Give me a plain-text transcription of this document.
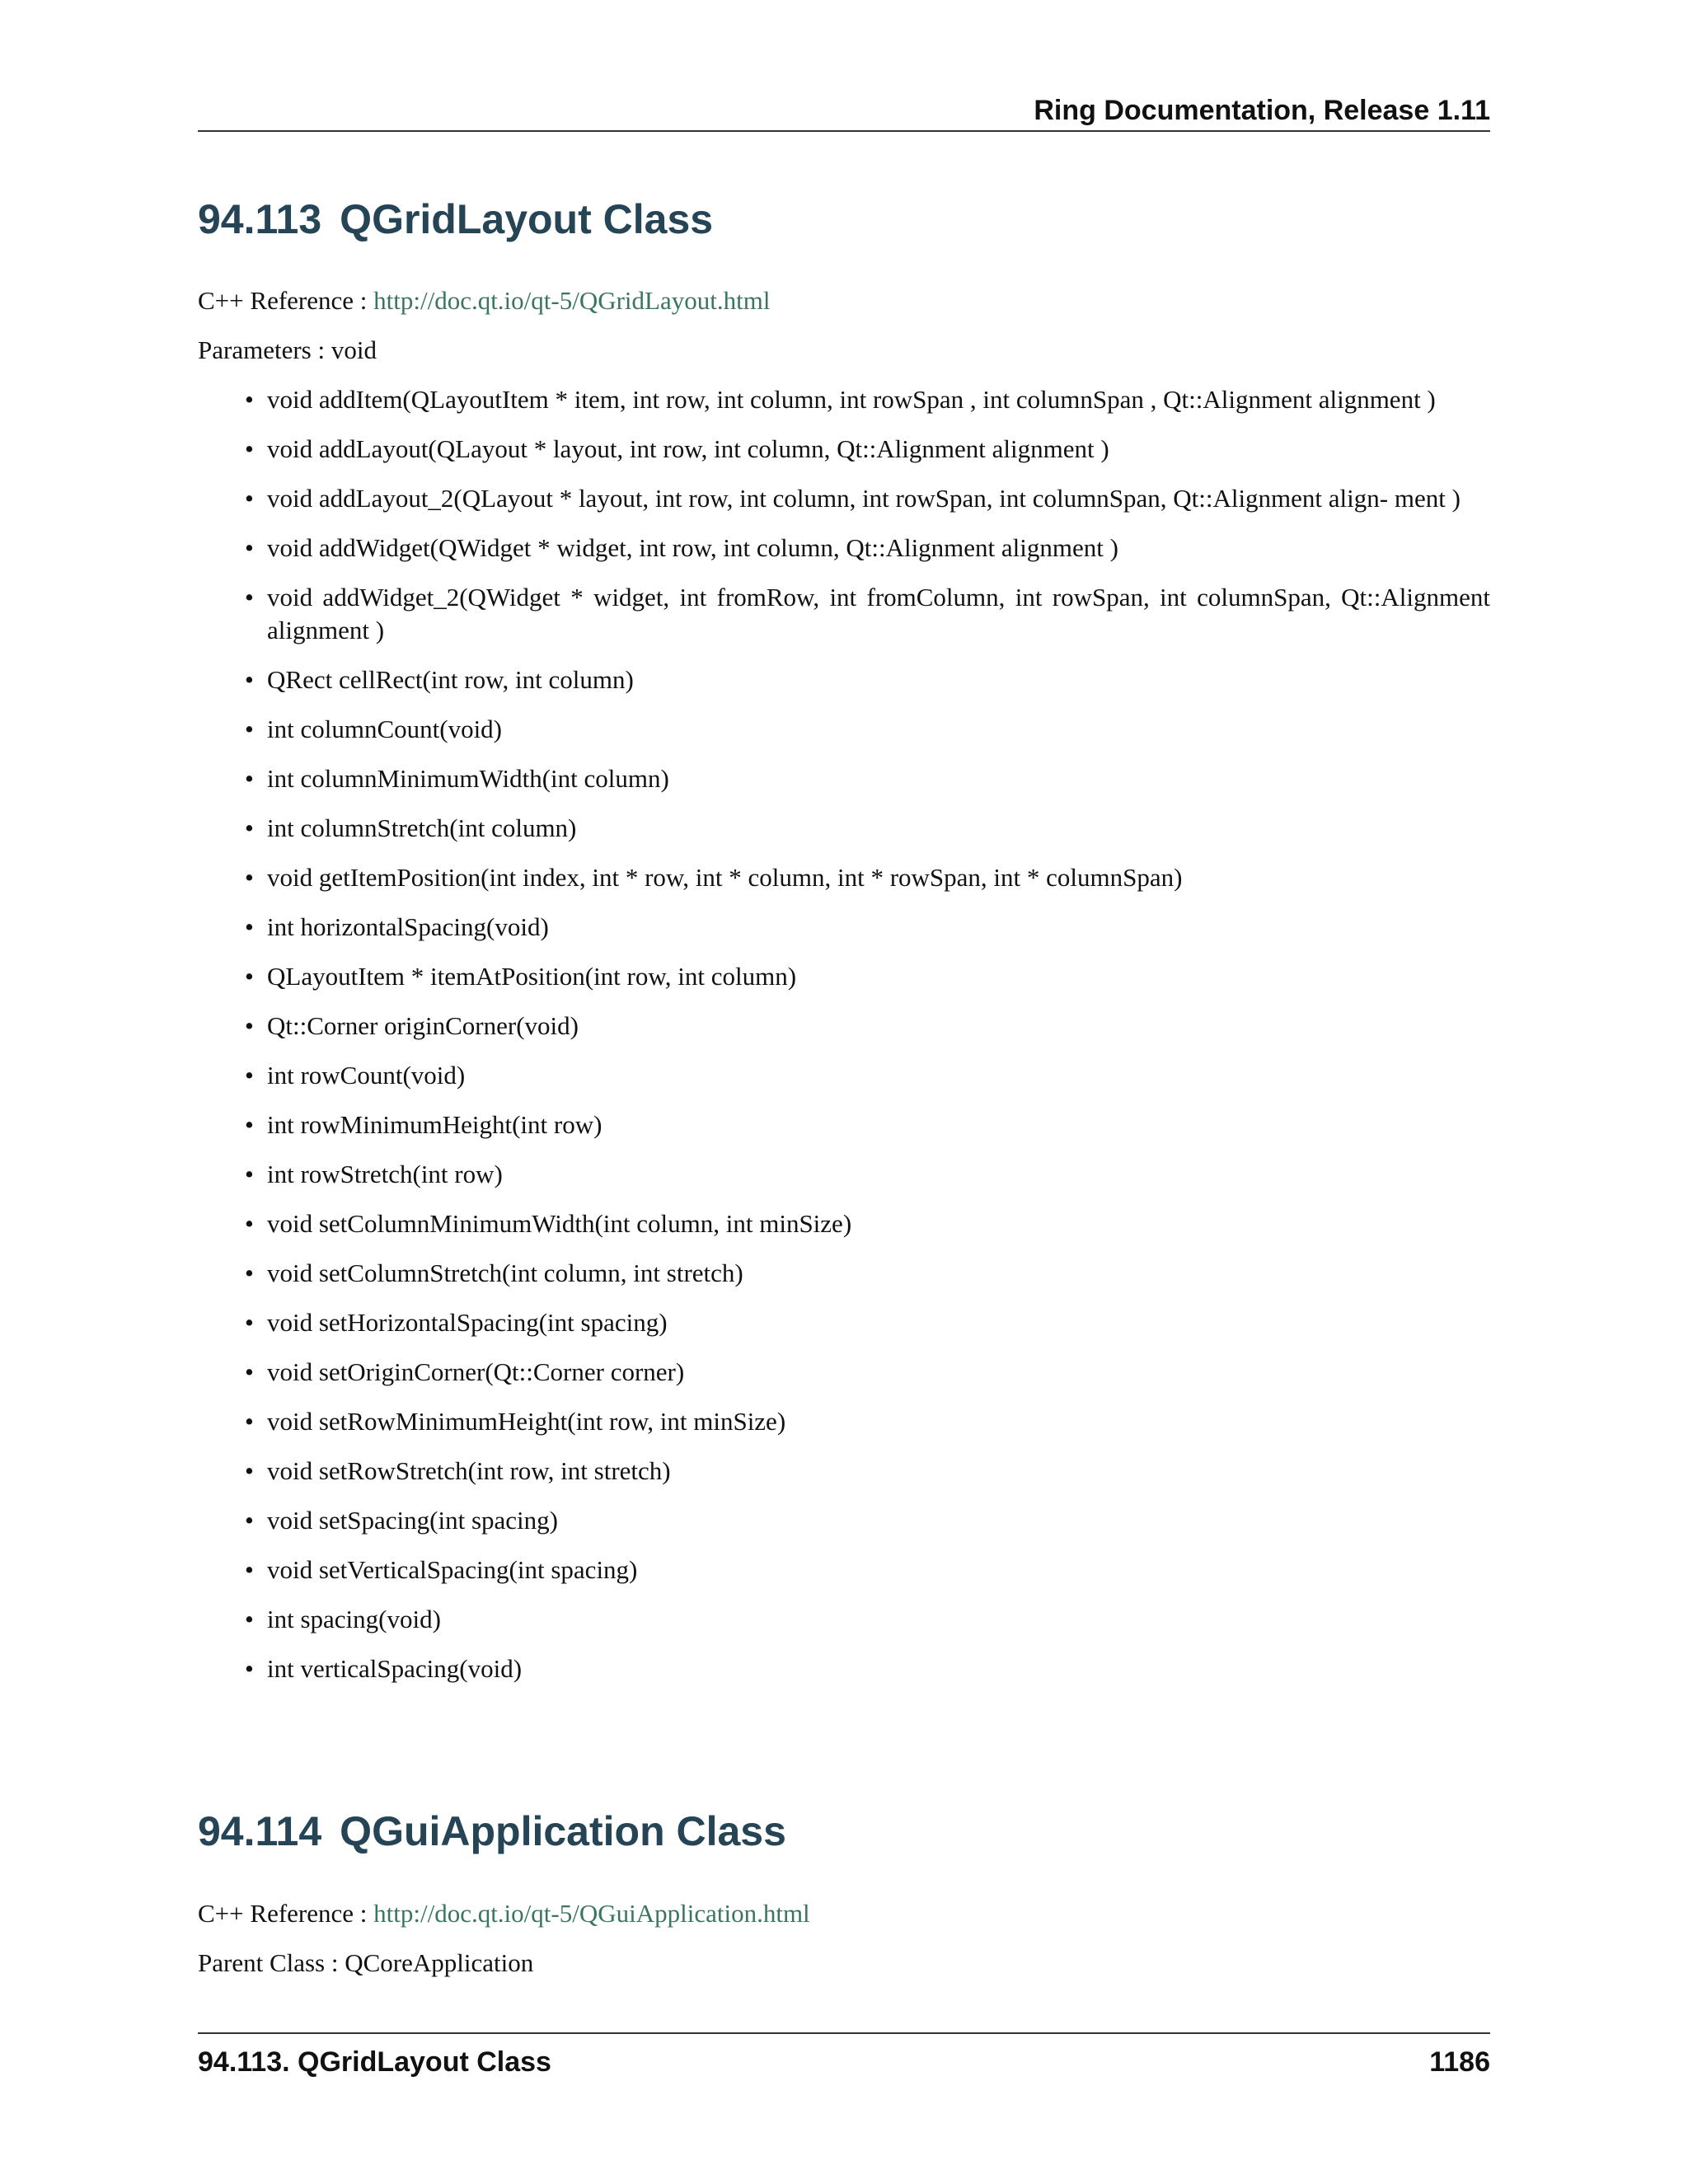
Ring Documentation, Release 1.11
94.113 QGridLayout Class
C++ Reference : http://doc.qt.io/qt-5/QGridLayout.html
Parameters : void
• void addItem(QLayoutItem * item, int row, int column, int rowSpan , int columnSpan , Qt::Alignment alignment )
• void addLayout(QLayout * layout, int row, int column, Qt::Alignment alignment )
• void addLayout_2(QLayout * layout, int row, int column, int rowSpan, int columnSpan, Qt::Alignment align- ment )
• void addWidget(QWidget * widget, int row, int column, Qt::Alignment alignment )
• void addWidget_2(QWidget * widget, int fromRow, int fromColumn, int rowSpan, int columnSpan, Qt::Alignment alignment )
• QRect cellRect(int row, int column)
• int columnCount(void)
• int columnMinimumWidth(int column)
• int columnStretch(int column)
• void getItemPosition(int index, int * row, int * column, int * rowSpan, int * columnSpan)
• int horizontalSpacing(void)
• QLayoutItem * itemAtPosition(int row, int column)
• Qt::Corner originCorner(void)
• int rowCount(void)
• int rowMinimumHeight(int row)
• int rowStretch(int row)
• void setColumnMinimumWidth(int column, int minSize)
• void setColumnStretch(int column, int stretch)
• void setHorizontalSpacing(int spacing)
• void setOriginCorner(Qt::Corner corner)
• void setRowMinimumHeight(int row, int minSize)
• void setRowStretch(int row, int stretch)
• void setSpacing(int spacing)
• void setVerticalSpacing(int spacing)
• int spacing(void)
• int verticalSpacing(void)
94.114 QGuiApplication Class
C++ Reference : http://doc.qt.io/qt-5/QGuiApplication.html
Parent Class : QCoreApplication
94.113. QGridLayout Class	1186
